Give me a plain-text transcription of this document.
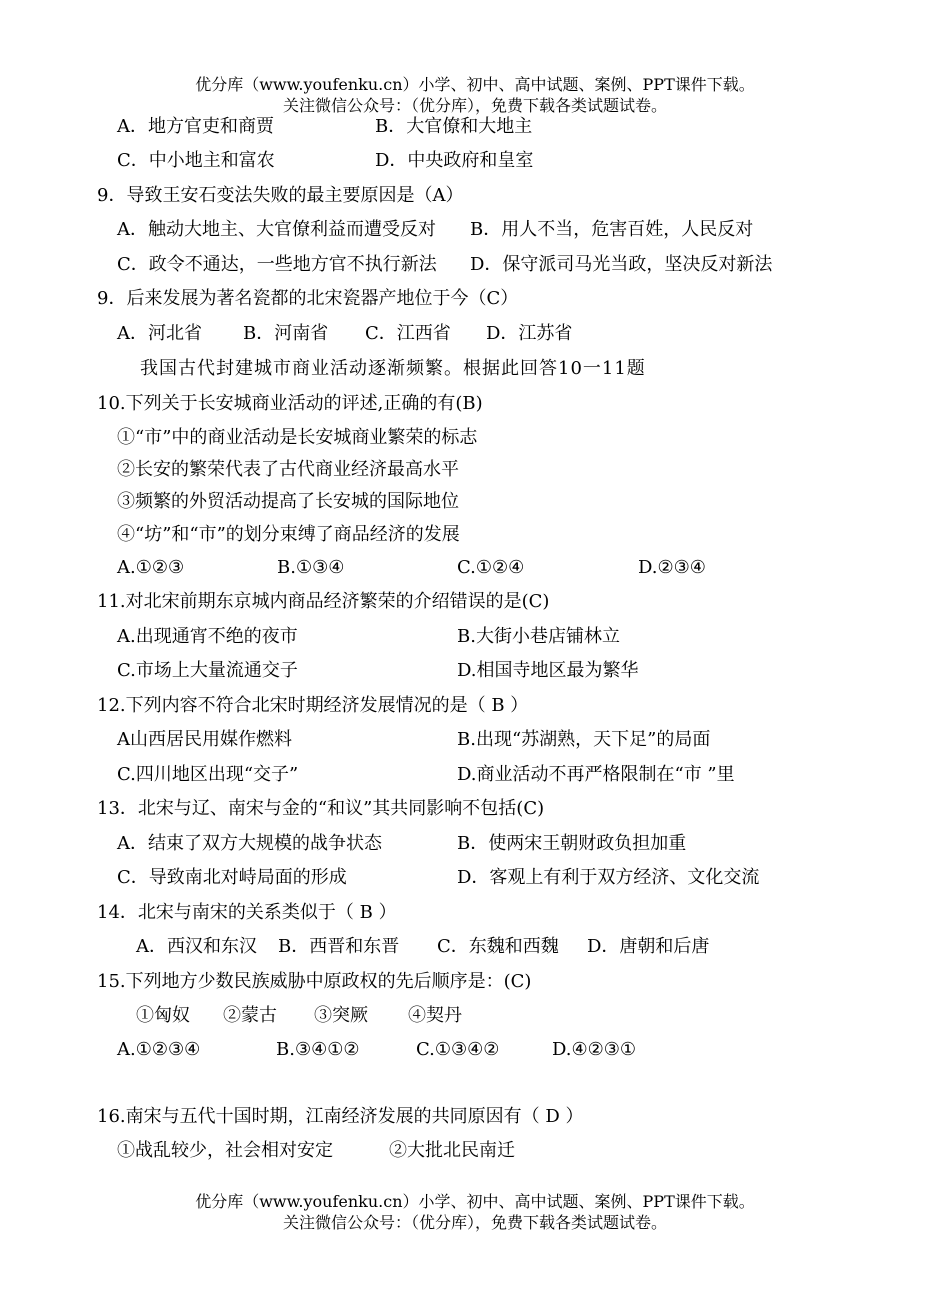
优分库（www.youfenku.cn）小学、初中、高中试题、案例、PPT课件下载。
关注微信公众号：（优分库），免费下载各类试题试卷。
A．地方官吏和商贾	B．大官僚和大地主
C．中小地主和富农	D．中央政府和皇室
9．导致王安石变法失败的最主要原因是（A）
A．触动大地主、大官僚利益而遭受反对 B．用人不当，危害百姓，人民反对
C．政令不通达，一些地方官不执行新法 D．保守派司马光当政，坚决反对新法
9．后来发展为著名瓷都的北宋瓷器产地位于今（C）
A．河北省 B．河南省 C．江西省 D．江苏省
我国古代封建城市商业活动逐渐频繁。根据此回答10一11题
10.下列关于长安城商业活动的评述,正确的有(B)
①“市”中的商业活动是长安城商业繁荣的标志
②长安的繁荣代表了古代商业经济最高水平
③频繁的外贸活动提高了长安城的国际地位
④“坊”和“市”的划分束缚了商品经济的发展
A.①②③	B.①③④	C.①②④	D.②③④
11.对北宋前期东京城内商品经济繁荣的介绍错误的是(C)
A.出现通宵不绝的夜市	B.大街小巷店铺林立
C.市场上大量流通交子	D.相国寺地区最为繁华
12.下列内容不符合北宋时期经济发展情况的是（ B ）
A山西居民用媒作燃料	B.出现“苏湖熟，天下足”的局面
C.四川地区出现“交子”	D.商业活动不再严格限制在“市 ”里
13．北宋与辽、南宋与金的“和议”其共同影响不包括(C)
A．结束了双方大规模的战争状态	B．使两宋王朝财政负担加重
C．导致南北对峙局面的形成	D．客观上有利于双方经济、文化交流
14．北宋与南宋的关系类似于（ B ）
A．西汉和东汉 B．西晋和东晋 C．东魏和西魏 D．唐朝和后唐
15.下列地方少数民族威胁中原政权的先后顺序是：(C)
①匈奴 ②蒙古 ③突厥 ④契丹
A.①②③④	B.③④①②	C.①③④②	D.④②③①
16.南宋与五代十国时期，江南经济发展的共同原因有（ D ）
①战乱较少，社会相对安定	②大批北民南迁
优分库（www.youfenku.cn）小学、初中、高中试题、案例、PPT课件下载。
关注微信公众号：（优分库），免费下载各类试题试卷。
